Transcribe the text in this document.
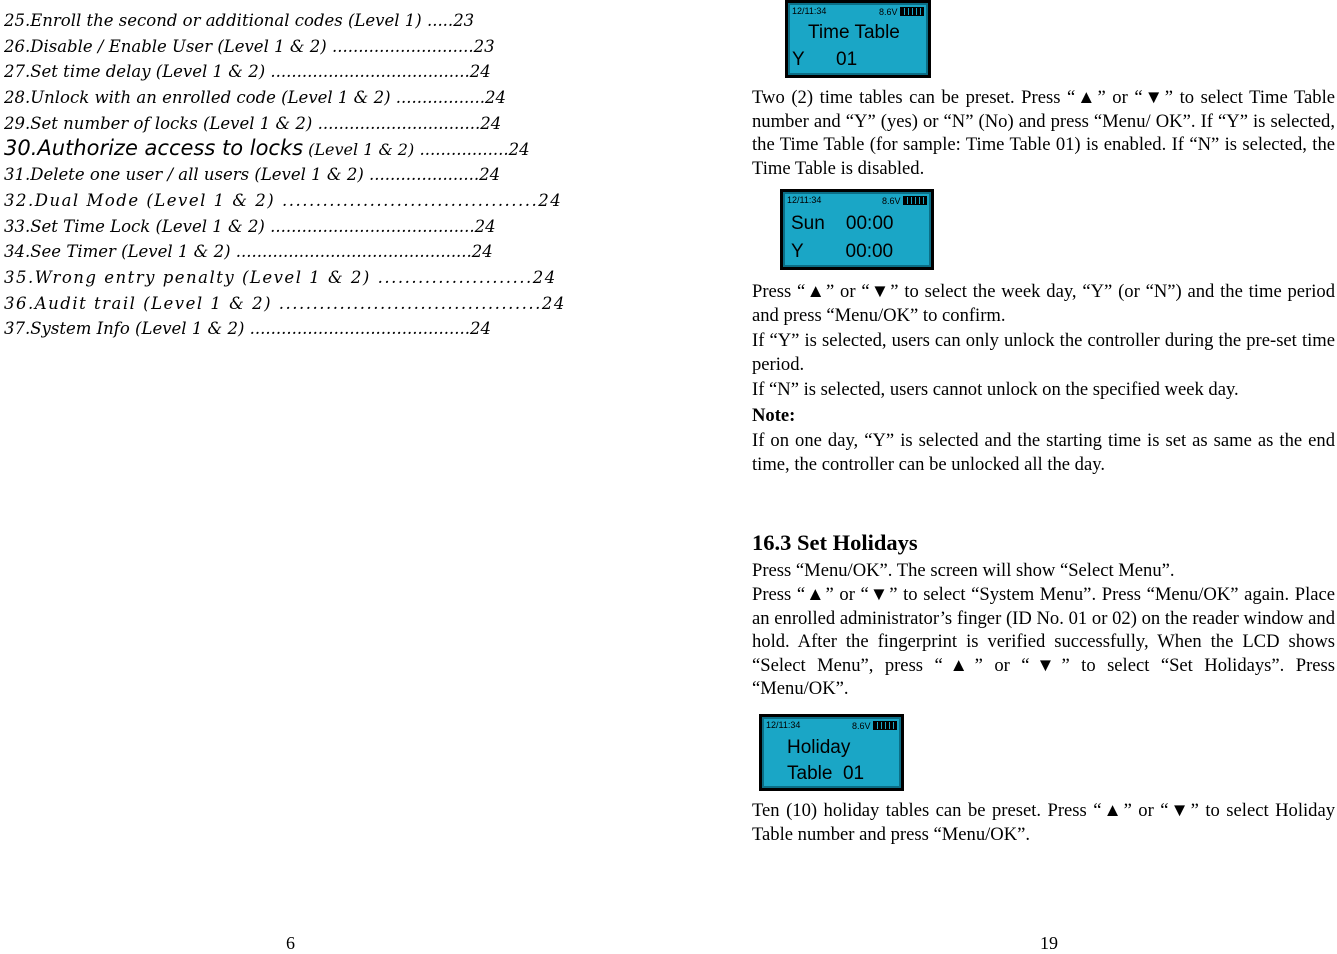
25.Enroll the second or additional codes (Level 1) .....23
26.Disable / Enable User (Level 1 & 2) ...........................23
27.Set time delay (Level 1 & 2) ......................................24
28.Unlock with an enrolled code (Level 1 & 2) .................24
29.Set number of locks (Level 1 & 2) ...............................24
30.Authorize access to locks (Level 1 & 2) .................24
31.Delete one user / all users (Level 1 & 2) .....................24
32.Dual Mode (Level 1 & 2) ......................................24
33.Set Time Lock (Level 1 & 2) .......................................24
34.See Timer (Level 1 & 2) .............................................24
35.Wrong entry penalty (Level 1 & 2) .......................24
36.Audit trail (Level 1 & 2) .......................................24
37.System Info (Level 1 & 2) ..........................................24
6	19
12/11:34	8.6V
Time Table
Y      01

Two (2) time tables can be preset. Press “▲” or “▼” to select Time Table number and “Y” (yes) or “N” (No) and press “Menu/ OK”. If “Y” is selected, the Time Table (for sample: Time Table 01) is enabled. If “N” is selected, the Time Table is disabled.

Press “▲” or “▼” to select the week day, “Y” (or “N”) and the time period and press “Menu/OK” to confirm.

If “Y” is selected, users can only unlock the controller during the pre-set time period.

If “N” is selected, users cannot unlock on the specified week day.

Note:

If on one day, “Y” is selected and the starting time is set as same as the end time, the controller can be unlocked all the day.

16.3 Set Holidays

Press “Menu/OK”. The screen will show “Select Menu”.

Press “▲” or “▼” to select “System Menu”. Press “Menu/OK” again. Place an enrolled administrator’s finger (ID No. 01 or 02) on the reader window and hold. After the fingerprint is verified successfully, When the LCD shows “Select Menu”, press “▲” or “▼” to select “Set Holidays”. Press “Menu/OK”.

Ten (10) holiday tables can be preset. Press “▲” or “▼” to select Holiday Table number and press “Menu/OK”.

12/11:34	8.6V
Sun    00:00
Y        00:00
12/11:34	8.6V
Holiday
Table  01
